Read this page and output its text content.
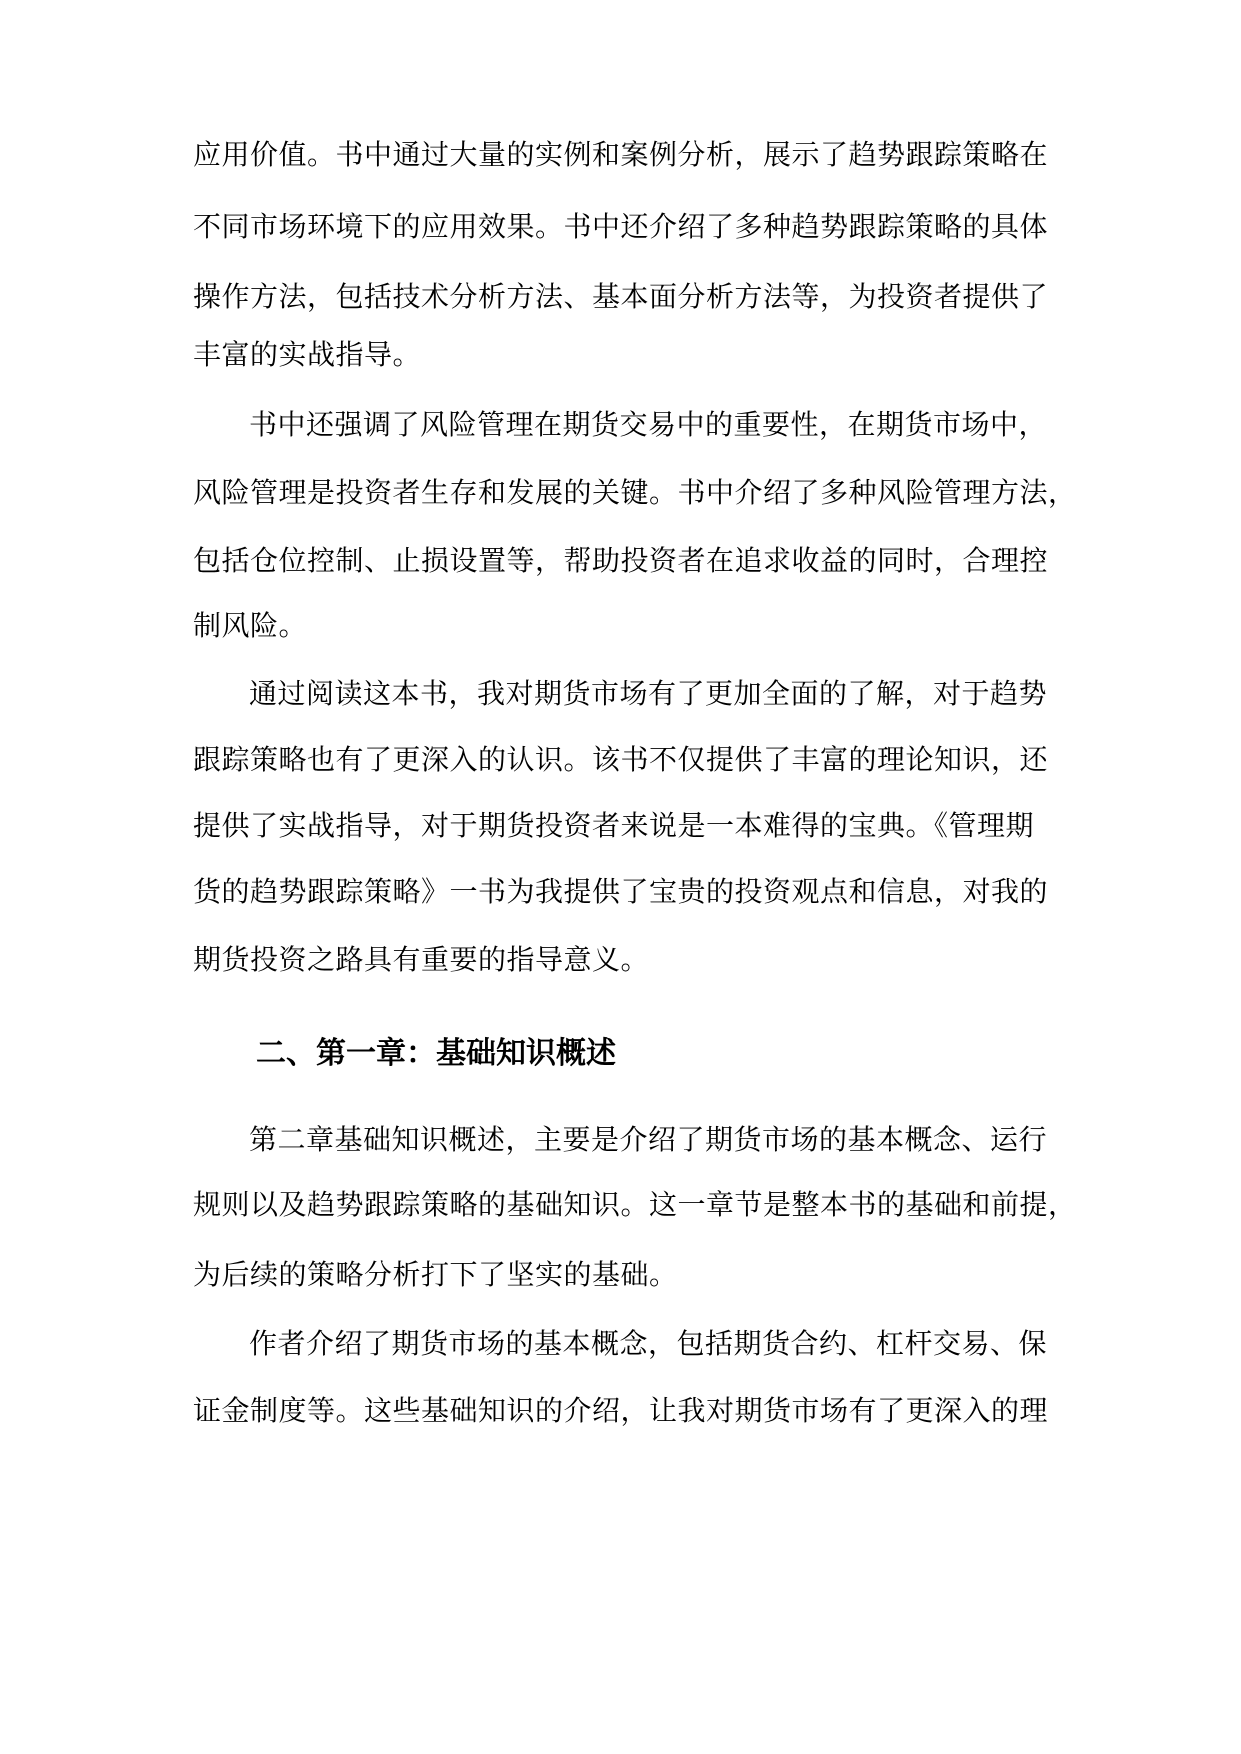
应用价值。书中通过大量的实例和案例分析，展示了趋势跟踪策略在
不同市场环境下的应用效果。书中还介绍了多种趋势跟踪策略的具体
操作方法，包括技术分析方法、基本面分析方法等，为投资者提供了
丰富的实战指导。
书中还强调了风险管理在期货交易中的重要性，在期货市场中，
风险管理是投资者生存和发展的关键。书中介绍了多种风险管理方法，
包括仓位控制、止损设置等，帮助投资者在追求收益的同时，合理控
制风险。
通过阅读这本书，我对期货市场有了更加全面的了解，对于趋势
跟踪策略也有了更深入的认识。该书不仅提供了丰富的理论知识，还
提供了实战指导，对于期货投资者来说是一本难得的宝典。《管理期
货的趋势跟踪策略》一书为我提供了宝贵的投资观点和信息，对我的
期货投资之路具有重要的指导意义。
二、第一章：基础知识概述
第二章基础知识概述，主要是介绍了期货市场的基本概念、运行
规则以及趋势跟踪策略的基础知识。这一章节是整本书的基础和前提，
为后续的策略分析打下了坚实的基础。
作者介绍了期货市场的基本概念，包括期货合约、杠杆交易、保
证金制度等。这些基础知识的介绍，让我对期货市场有了更深入的理
